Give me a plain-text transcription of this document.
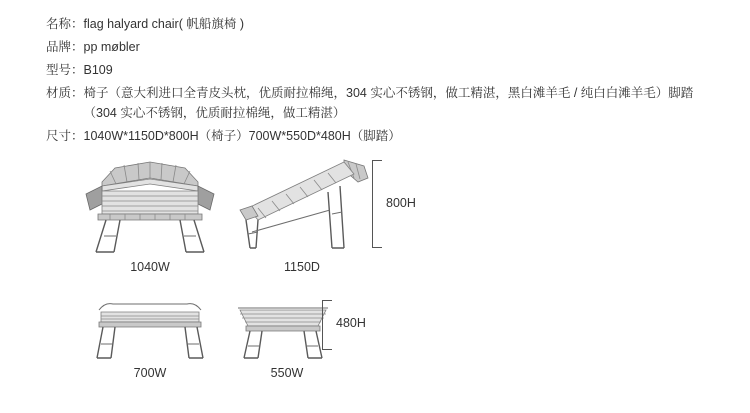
名称： flag halyard chair( 帆船旗椅 )
品牌： pp møbler
型号： B109
材质： 椅子（意大利进口全青皮头枕，优质耐拉棉绳，304 实心不锈钢，做工精湛，黑白滩羊毛 / 纯白白滩羊毛）脚踏（304 实心不锈钢，优质耐拉棉绳，做工精湛）
尺寸： 1040W*1150D*800H（椅子）700W*550D*480H（脚踏）
1040W	1150D
800H
700W	550W
480H
